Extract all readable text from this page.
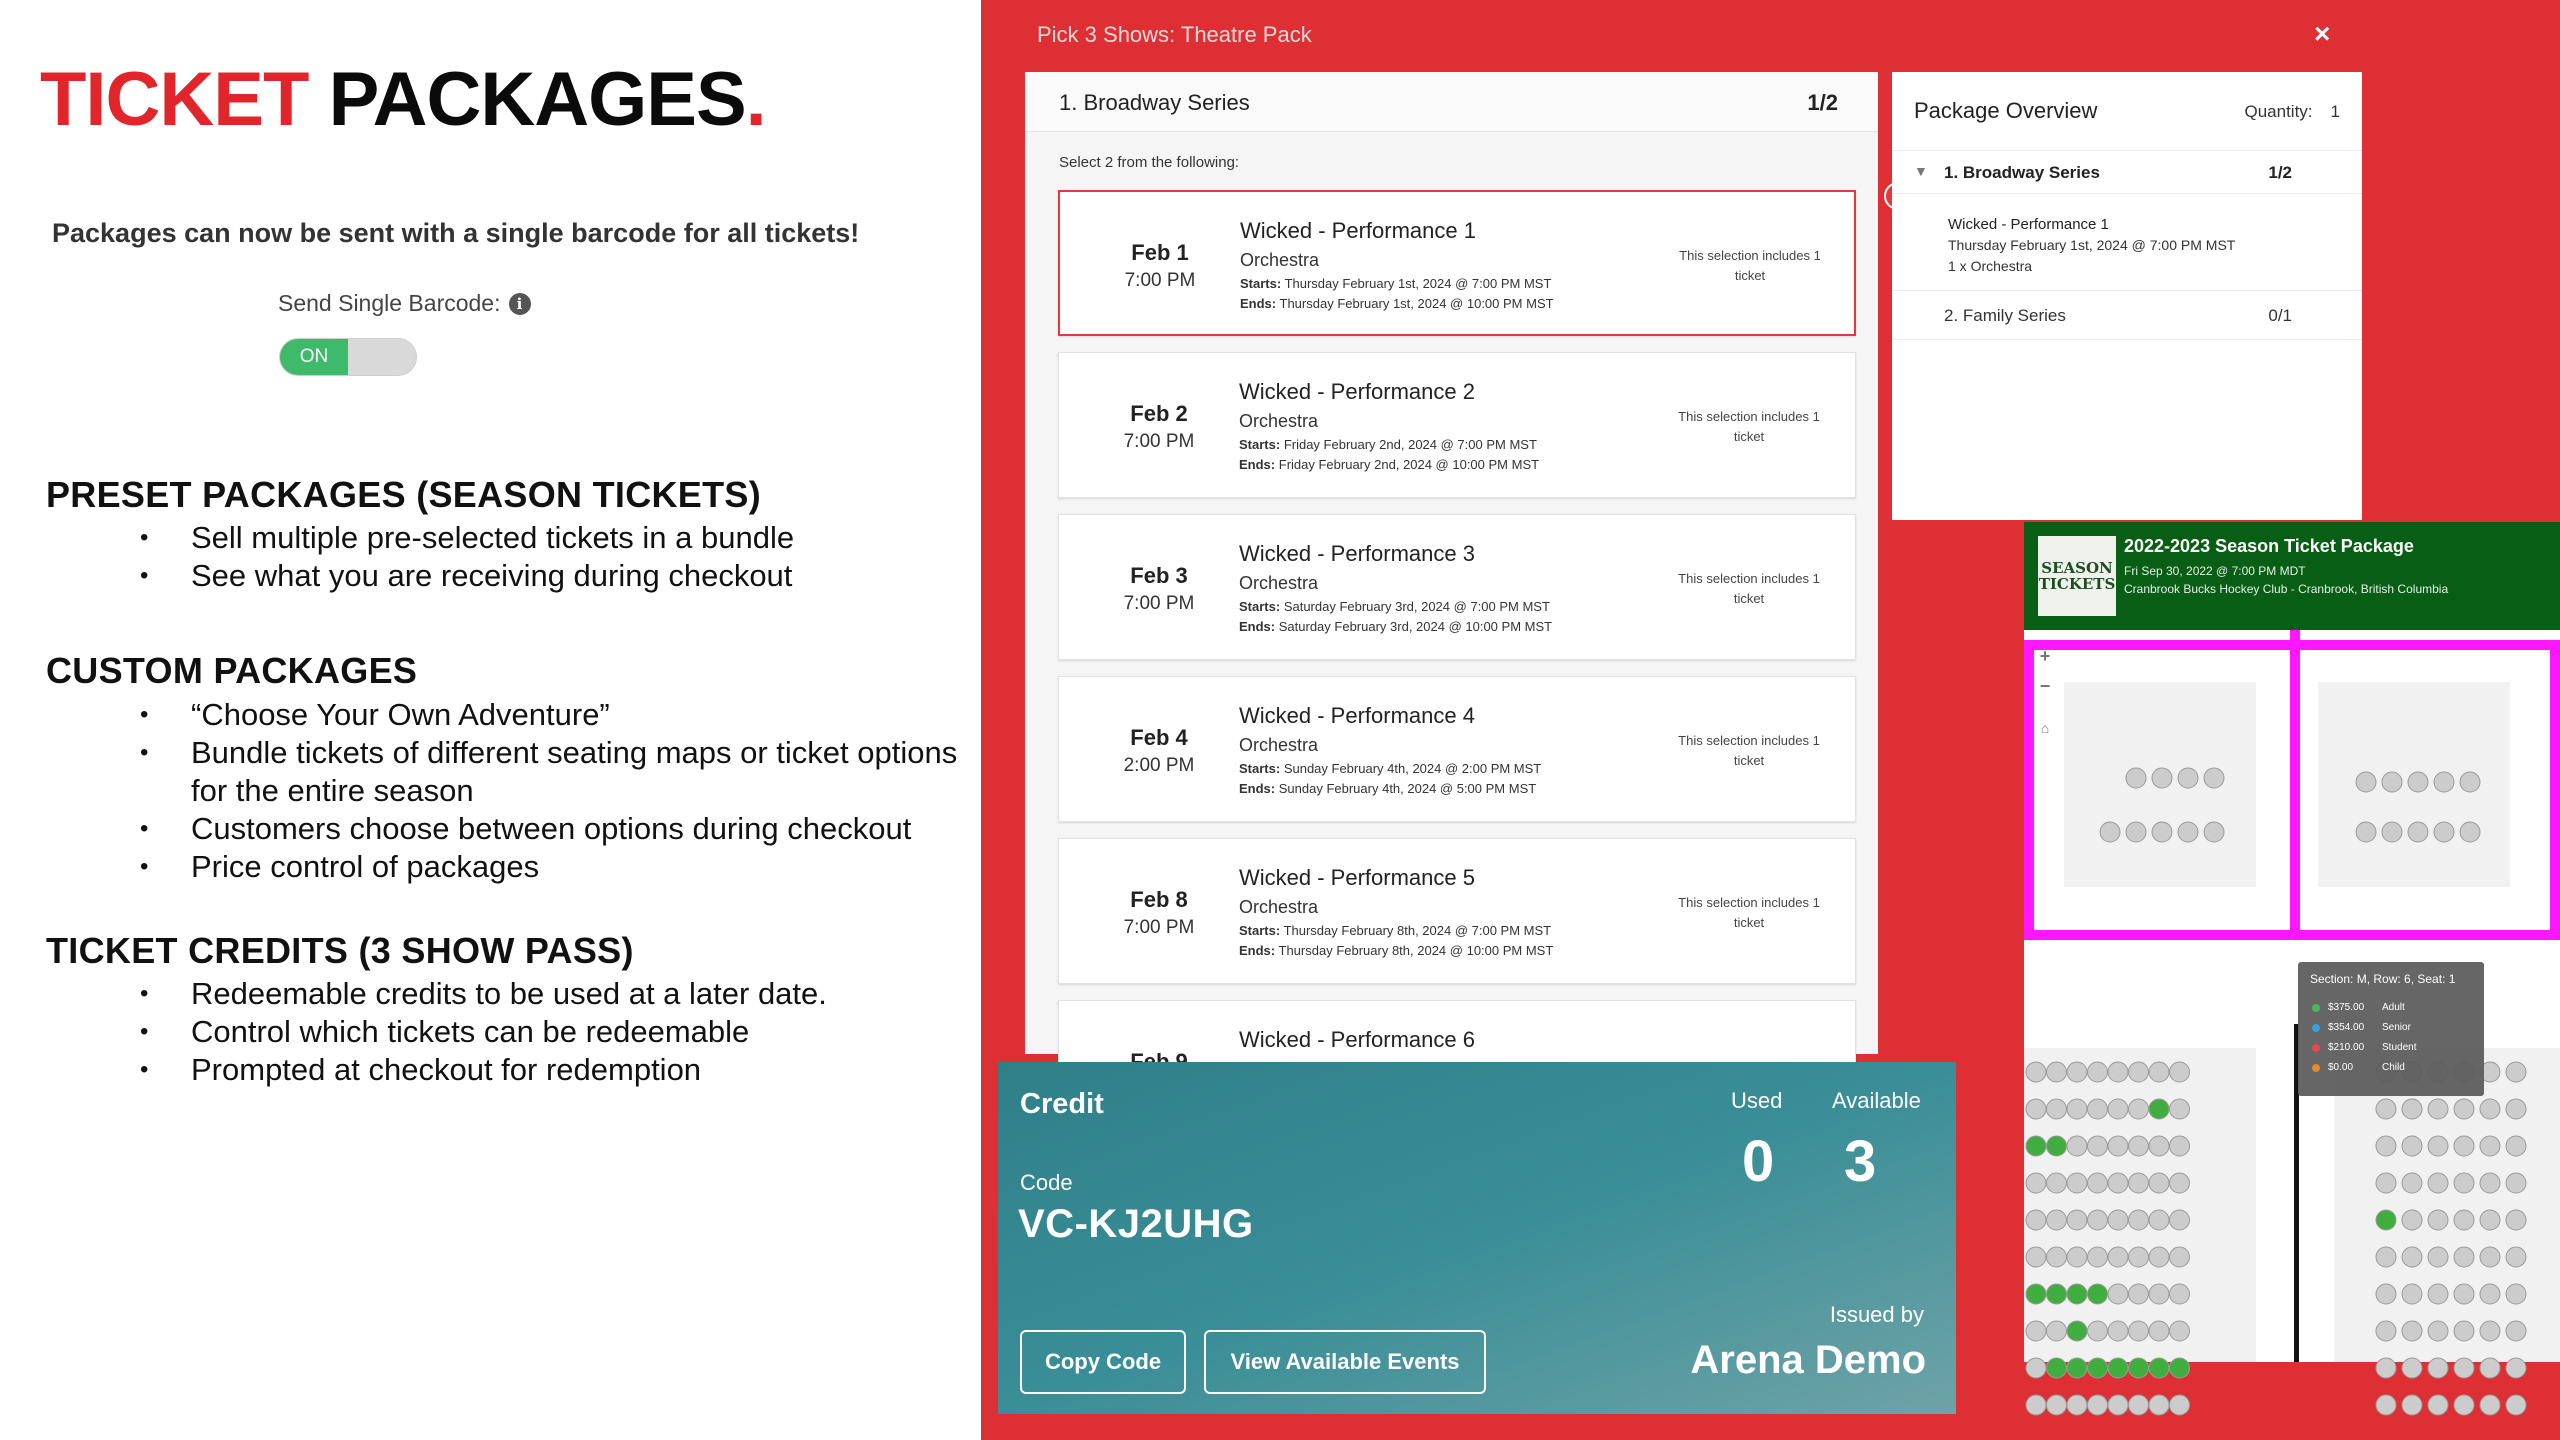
TICKET PACKAGES.
Packages can now be sent with a single barcode for all tickets!
Send Single Barcode:	i
ON
PRESET PACKAGES (SEASON TICKETS)
• Sell multiple pre-selected tickets in a bundle
• See what you are receiving during checkout
CUSTOM PACKAGES
• “Choose Your Own Adventure”
• Bundle tickets of different seating maps or ticket options for the entire season
• Customers choose between options during checkout
• Price control of packages
TICKET CREDITS (3 SHOW PASS)
• Redeemable credits to be used at a later date.
• Control which tickets can be redeemable
• Prompted at checkout for redemption
Pick 3 Shows: Theatre Pack	×
1. Broadway Series	1/2
Select 2 from the following:
Feb 1
7:00 PM
Wicked - Performance 1
Orchestra
Starts: Thursday February 1st, 2024 @ 7:00 PM MST
Ends: Thursday February 1st, 2024 @ 10:00 PM MST
This selection includes 1 ticket
Feb 2
7:00 PM
Wicked - Performance 2
Orchestra
Starts: Friday February 2nd, 2024 @ 7:00 PM MST
Ends: Friday February 2nd, 2024 @ 10:00 PM MST
This selection includes 1 ticket
Feb 3
7:00 PM
Wicked - Performance 3
Orchestra
Starts: Saturday February 3rd, 2024 @ 7:00 PM MST
Ends: Saturday February 3rd, 2024 @ 10:00 PM MST
This selection includes 1 ticket
Feb 4
2:00 PM
Wicked - Performance 4
Orchestra
Starts: Sunday February 4th, 2024 @ 2:00 PM MST
Ends: Sunday February 4th, 2024 @ 5:00 PM MST
This selection includes 1 ticket
Feb 8
7:00 PM
Wicked - Performance 5
Orchestra
Starts: Thursday February 8th, 2024 @ 7:00 PM MST
Ends: Thursday February 8th, 2024 @ 10:00 PM MST
This selection includes 1 ticket
Wicked - Performance 6
Package Overview	Quantity: 1
▼ 1. Broadway Series	1/2
Wicked - Performance 1
Thursday February 1st, 2024 @ 7:00 PM MST
1 x Orchestra
2. Family Series	0/1
SEASON
TICKETS
2022-2023 Season Ticket Package
Fri Sep 30, 2022 @ 7:00 PM MDT
Cranbrook Bucks Hockey Club - Cranbrook, British Columbia
+
−
⌂
Section: M, Row: 6, Seat: 1
$375.00	Adult
$354.00	Senior
$210.00	Student
$0.00	Child
Credit	Used Available
0 3
Code
VC-KJ2UHG
Copy Code	View Available Events
Issued by
Arena Demo
